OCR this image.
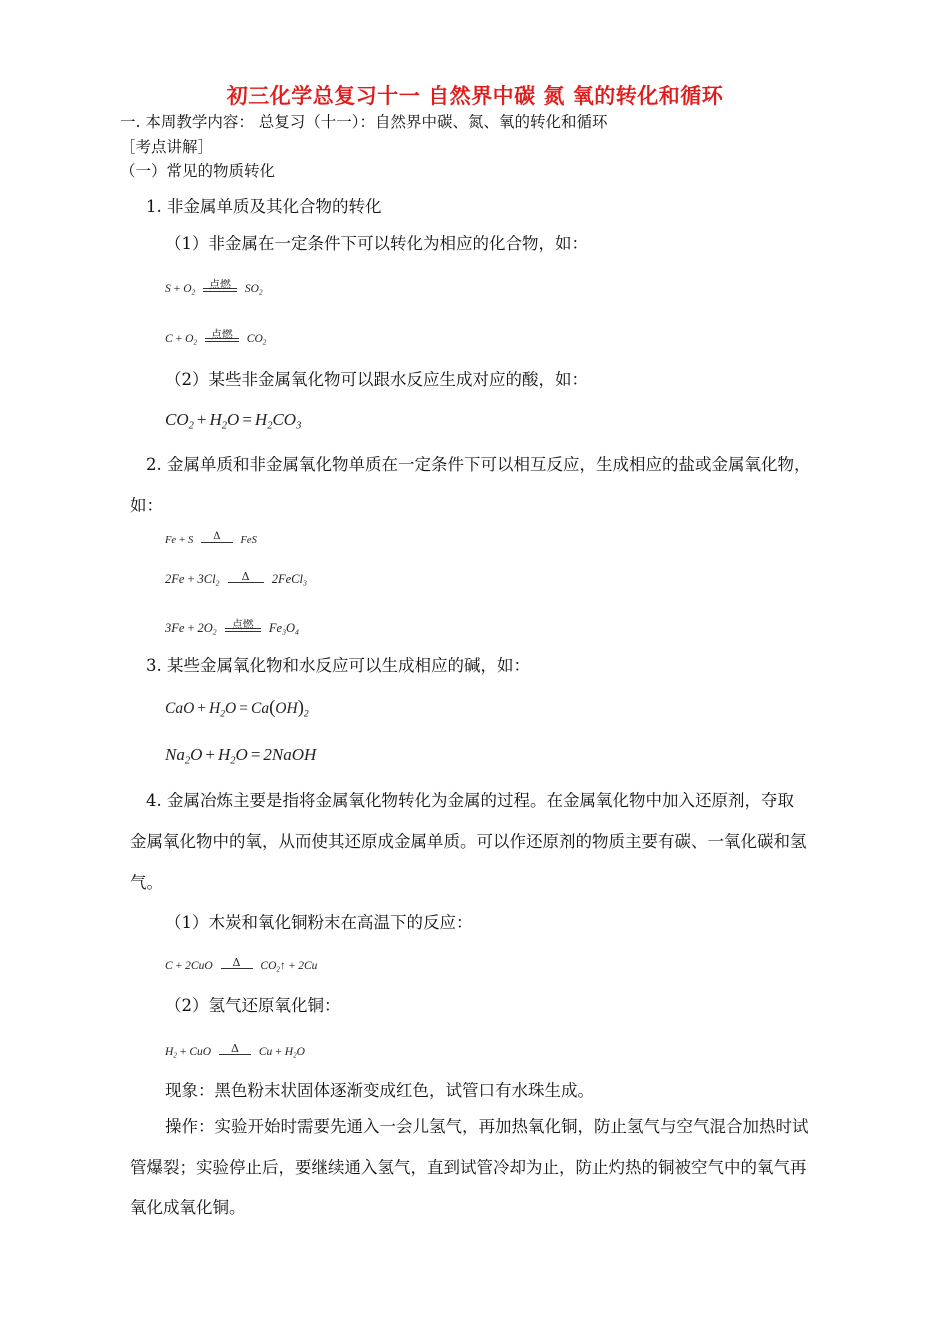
初三化学总复习十一 自然界中碳 氮 氧的转化和循环
一. 本周教学内容： 总复习（十一）：自然界中碳、氮、氧的转化和循环
［考点讲解］
（一）常见的物质转化
1. 非金属单质及其化合物的转化
（1）非金属在一定条件下可以转化为相应的化合物，如：
$S + O_2$
点燃 $SO_2$
$C + O_2$
点燃 $CO_2$
（2）某些非金属氧化物可以跟水反应生成对应的酸，如：
$CO_2 + H_2O = H_2CO_3$
2. 金属单质和非金属氧化物单质在一定条件下可以相互反应，生成相应的盐或金属氧化物，
如：
Fe + S	Δ	FeS
$2Fe + 3Cl_2$
Δ	2FeCl$_3$
$3Fe + 2O_2$
点燃 $Fe_3O_4$
3. 某些金属氧化物和水反应可以生成相应的碱，如：
CaO + $H_2O = Ca(OH)_2$
$Na_2O + H_2O$ = 2NaOH
4. 金属冶炼主要是指将金属氧化物转化为金属的过程。在金属氧化物中加入还原剂，夺取
金属氧化物中的氧，从而使其还原成金属单质。可以作还原剂的物质主要有碳、一氧化碳和氢
气。
（1）木炭和氧化铜粉末在高温下的反应：
C + 2CuO	Δ	$CO_2↑ + 2Cu$
（2）氢气还原氧化铜：
$H_2$ + CuO	Δ	$Cu + H_2O$
现象：黑色粉末状固体逐渐变成红色，试管口有水珠生成。
操作：实验开始时需要先通入一会儿氢气，再加热氧化铜，防止氢气与空气混合加热时试
管爆裂；实验停止后，要继续通入氢气，直到试管冷却为止，防止灼热的铜被空气中的氧气再
氧化成氧化铜。
